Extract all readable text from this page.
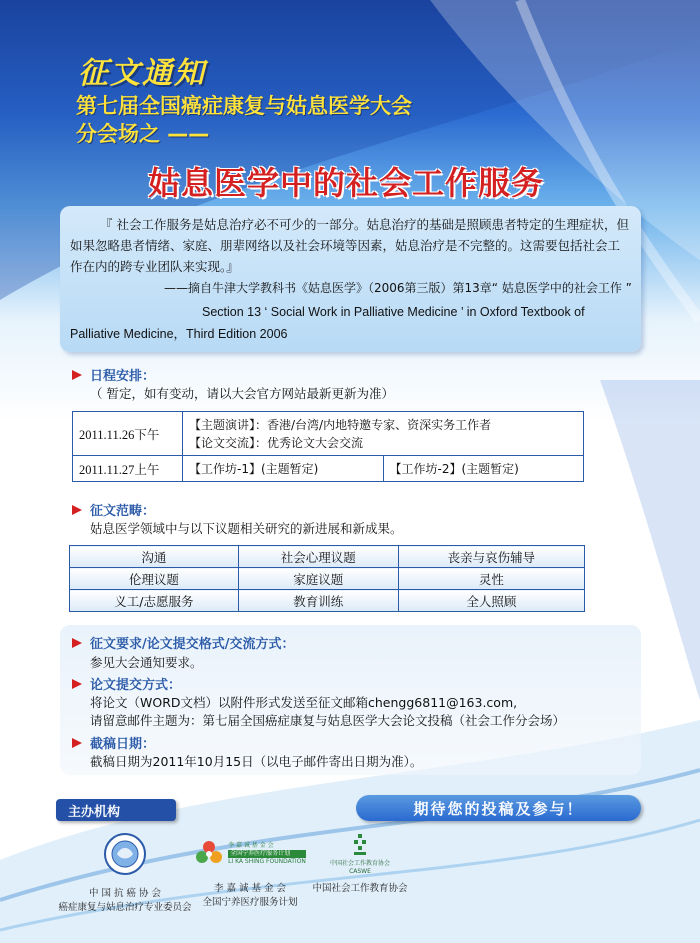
征文通知
第七届全国癌症康复与姑息医学大会
分会场之 ——
姑息医学中的社会工作服务
『 社会工作服务是姑息治疗必不可少的一部分。姑息治疗的基础是照顾患者特定的生理症状，但如果忽略患者情绪、家庭、朋辈网络以及社会环境等因素，姑息治疗是不完整的。这需要包括社会工作在内的跨专业团队来实现。』
——摘自牛津大学教科书《姑息医学》（2006第三版）第13章“ 姑息医学中的社会工作 ”
Section 13 ‘ Social Work in Palliative Medicine ’ in Oxford Textbook of Palliative Medicine，Third Edition 2006
日程安排：
（ 暂定，如有变动，请以大会官方网站最新更新为准）
2011.11.26下午	【主题演讲】：香港/台湾/内地特邀专家、资深实务工作者
【论文交流】：优秀论文大会交流	

2011.11.27上午	【工作坊-1】(主题暂定)	【工作坊-2】(主题暂定)
征文范畴：
姑息医学领域中与以下议题相关研究的新进展和新成果。
沟通	社会心理议题	丧亲与哀伤辅导
伦理议题	家庭议题	灵性
义工/志愿服务	教育训练	全人照顾
征文要求/论文提交格式/交流方式：
参见大会通知要求。
论文提交方式：
将论文（WORD文档）以附件形式发送至征文邮箱chengg6811@163.com,
请留意邮件主题为：第七届全国癌症康复与姑息医学大会论文投稿（社会工作分会场）
截稿日期：
截稿日期为2011年10月15日（以电子邮件寄出日期为准）。
主办机构	期待您的投稿及参与！
中 国 抗 癌 协 会
癌症康复与姑息治疗专业委员会
李 嘉 诚 基 金 会
全国宁养医疗服务计划
LI KA SHING FOUNDATION
李 嘉 诚 基 金 会
全国宁养医疗服务计划
中国社会工作教育协会
CASWE
中国社会工作教育协会
